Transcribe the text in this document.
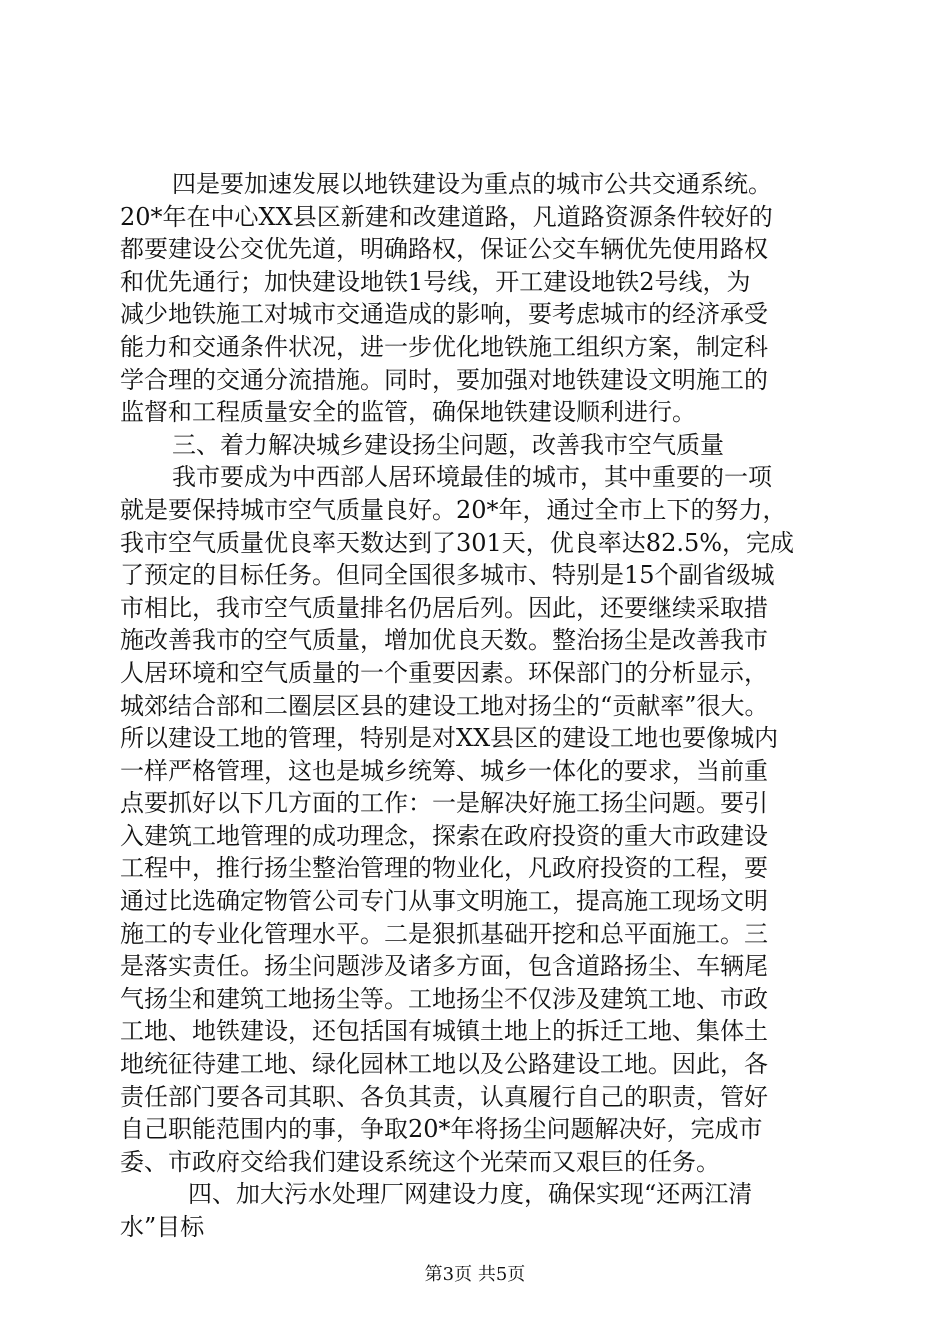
四是要加速发展以地铁建设为重点的城市公共交通系统。
20*年在中心XX县区新建和改建道路，凡道路资源条件较好的
都要建设公交优先道，明确路权，保证公交车辆优先使用路权
和优先通行；加快建设地铁1号线，开工建设地铁2号线，为
减少地铁施工对城市交通造成的影响，要考虑城市的经济承受
能力和交通条件状况，进一步优化地铁施工组织方案，制定科
学合理的交通分流措施。同时，要加强对地铁建设文明施工的
监督和工程质量安全的监管，确保地铁建设顺利进行。
三、着力解决城乡建设扬尘问题，改善我市空气质量
我市要成为中西部人居环境最佳的城市，其中重要的一项
就是要保持城市空气质量良好。20*年，通过全市上下的努力，
我市空气质量优良率天数达到了301天，优良率达82.5%，完成
了预定的目标任务。但同全国很多城市、特别是15个副省级城
市相比，我市空气质量排名仍居后列。因此，还要继续采取措
施改善我市的空气质量，增加优良天数。整治扬尘是改善我市
人居环境和空气质量的一个重要因素。环保部门的分析显示，
城郊结合部和二圈层区县的建设工地对扬尘的“贡献率”很大。
所以建设工地的管理，特别是对XX县区的建设工地也要像城内
一样严格管理，这也是城乡统筹、城乡一体化的要求，当前重
点要抓好以下几方面的工作：一是解决好施工扬尘问题。要引
入建筑工地管理的成功理念，探索在政府投资的重大市政建设
工程中，推行扬尘整治管理的物业化，凡政府投资的工程，要
通过比选确定物管公司专门从事文明施工，提高施工现场文明
施工的专业化管理水平。二是狠抓基础开挖和总平面施工。三
是落实责任。扬尘问题涉及诸多方面，包含道路扬尘、车辆尾
气扬尘和建筑工地扬尘等。工地扬尘不仅涉及建筑工地、市政
工地、地铁建设，还包括国有城镇土地上的拆迁工地、集体土
地统征待建工地、绿化园林工地以及公路建设工地。因此，各
责任部门要各司其职、各负其责，认真履行自己的职责，管好
自己职能范围内的事，争取20*年将扬尘问题解决好，完成市
委、市政府交给我们建设系统这个光荣而又艰巨的任务。
四、加大污水处理厂网建设力度，确保实现“还两江清
水”目标
第3页 共5页
